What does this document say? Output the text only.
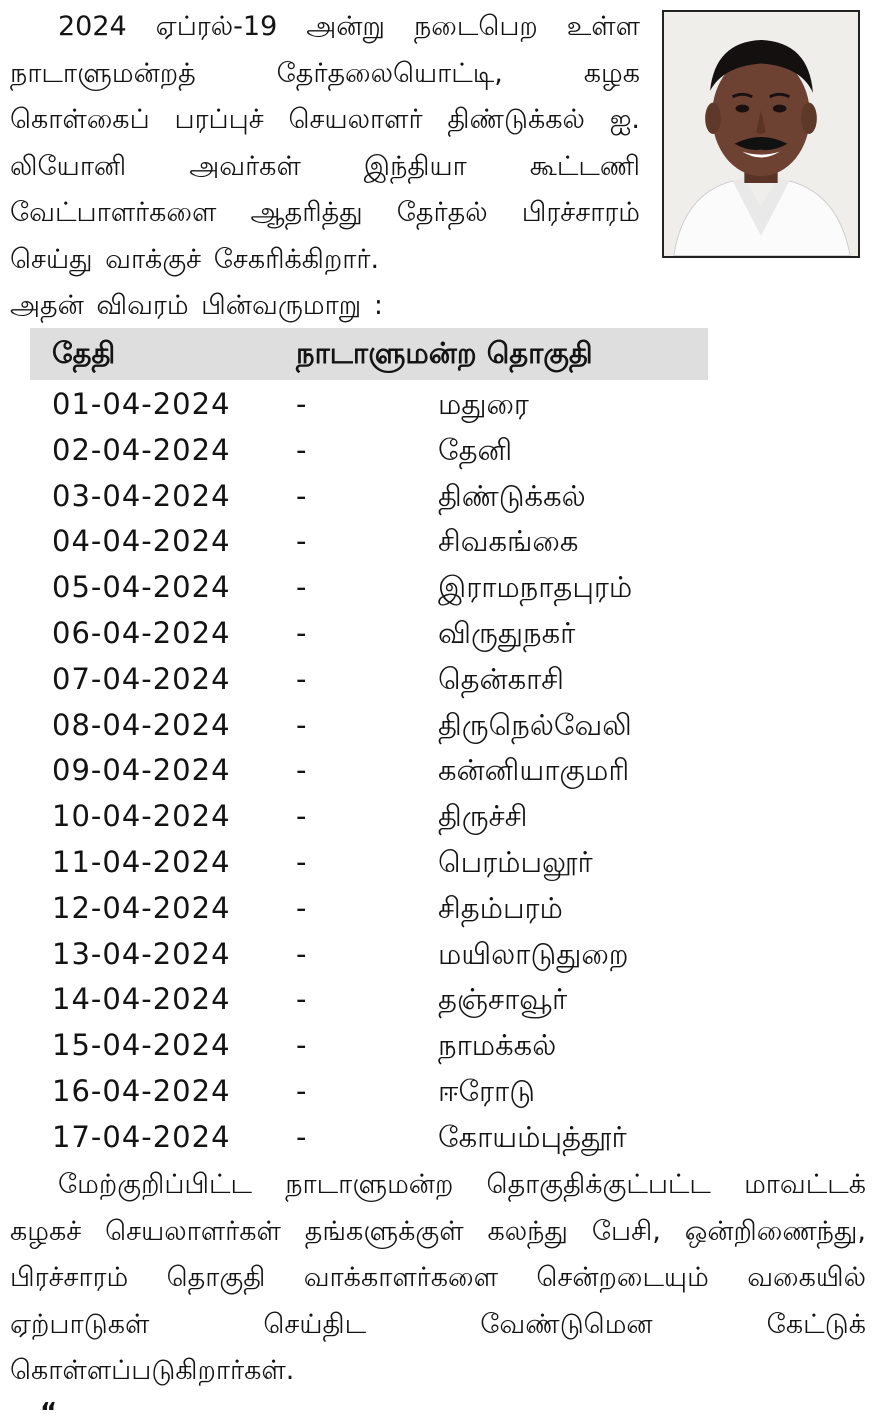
2024 ஏப்ரல்-19 அன்று நடைபெற உள்ள நாடாளுமன்றத் தேர்தலையொட்டி, கழக கொள்கைப் பரப்புச் செயலாளர் திண்டுக்கல் ஐ. லியோனி அவர்கள் இந்தியா கூட்டணி வேட்பாளர்களை ஆதரித்து தேர்தல் பிரச்சாரம் செய்து வாக்குச் சேகரிக்கிறார்.

அதன் விவரம் பின்வருமாறு :

தேதி	நாடாளுமன்ற தொகுதி
01-04-2024 -	மதுரை
02-04-2024 -	தேனி
03-04-2024 -	திண்டுக்கல்
04-04-2024 -	சிவகங்கை
05-04-2024 -	இராமநாதபுரம்
06-04-2024 -	விருதுநகர்
07-04-2024 -	தென்காசி
08-04-2024 -	திருநெல்வேலி
09-04-2024 -	கன்னியாகுமரி
10-04-2024 -	திருச்சி
11-04-2024 -	பெரம்பலூர்
12-04-2024 -	சிதம்பரம்
13-04-2024 -	மயிலாடுதுறை
14-04-2024 -	தஞ்சாவூர்
15-04-2024 -	நாமக்கல்
16-04-2024 -	ஈரோடு
17-04-2024 -	கோயம்புத்தூர்

மேற்குறிப்பிட்ட நாடாளுமன்ற தொகுதிக்குட்பட்ட மாவட்டக் கழகச் செயலாளர்கள் தங்களுக்குள் கலந்து பேசி, ஒன்றிணைந்து, பிரச்சாரம் தொகுதி வாக்காளர்களை சென்றடையும் வகையில் ஏற்பாடுகள் செய்திட வேண்டுமென கேட்டுக் கொள்ளப்படுகிறார்கள்.

“
